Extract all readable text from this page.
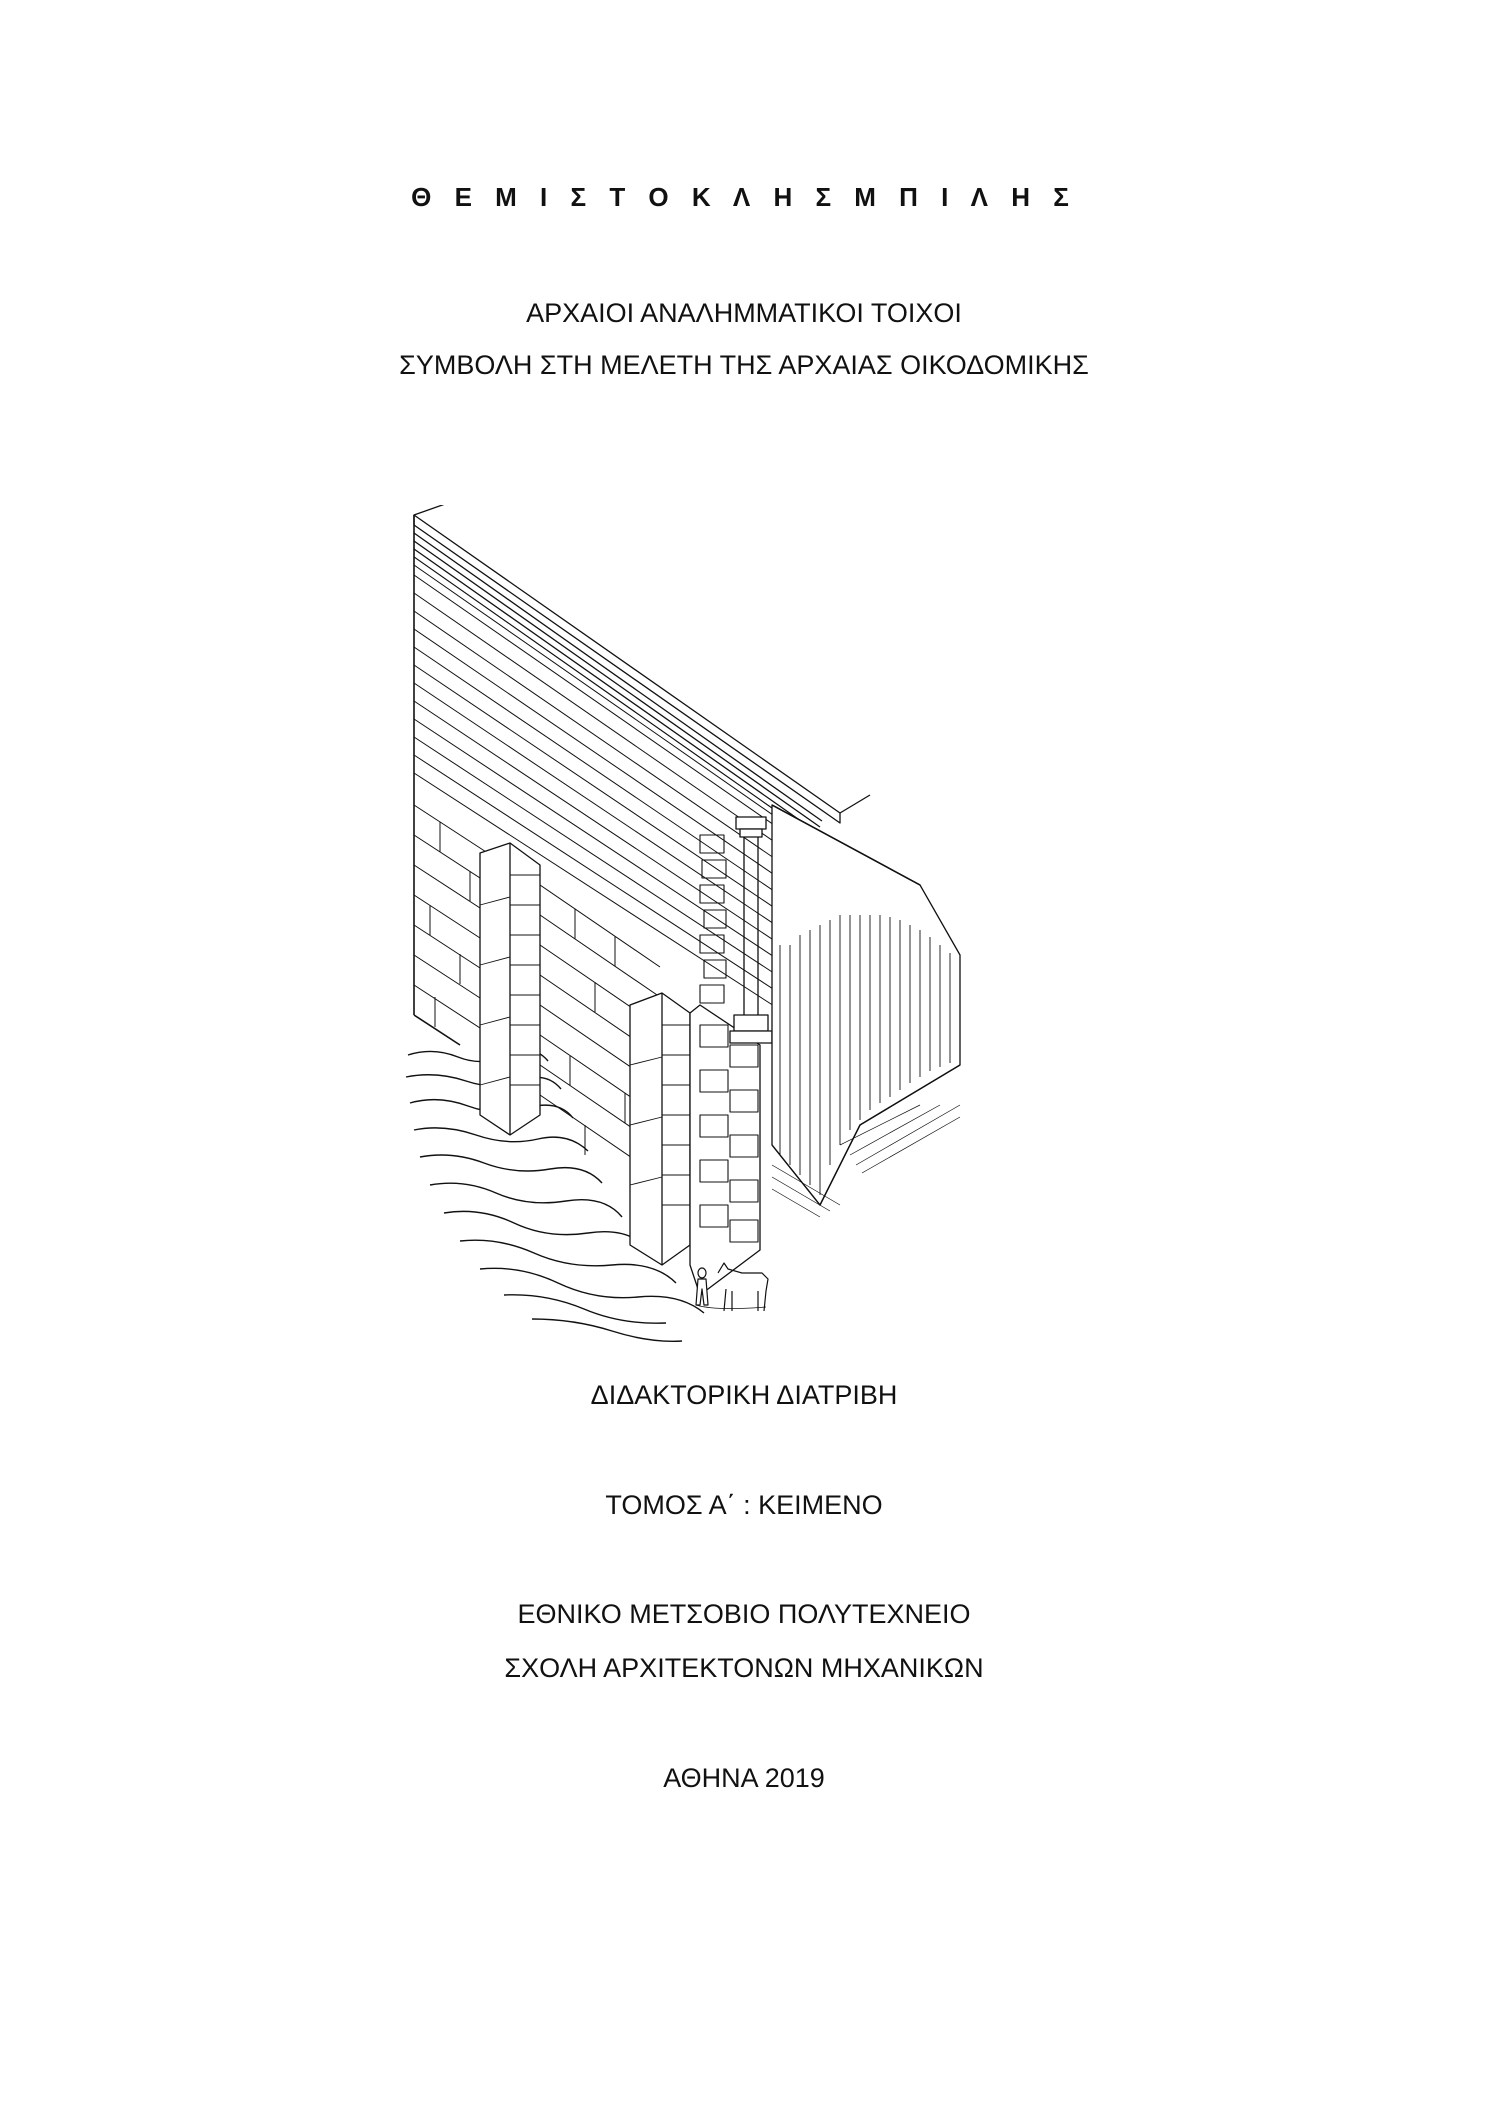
Θ Ε Μ Ι Σ Τ Ο Κ Λ Η Σ Μ Π Ι Λ Η Σ
ΑΡΧΑΙΟΙ ΑΝΑΛΗΜΜΑΤΙΚΟΙ ΤΟΙΧΟΙ
ΣΥΜΒΟΛΗ ΣΤΗ ΜΕΛΕΤΗ ΤΗΣ ΑΡΧΑΙΑΣ ΟΙΚΟΔΟΜΙΚΗΣ
ΔΙΔΑΚΤΟΡΙΚΗ ΔΙΑΤΡΙΒΗ
ΤΟΜΟΣ Α΄ : ΚΕΙΜΕΝΟ
ΕΘΝΙΚΟ ΜΕΤΣΟΒΙΟ ΠΟΛΥΤΕΧΝΕΙΟ
ΣΧΟΛΗ ΑΡΧΙΤΕΚΤΟΝΩΝ ΜΗΧΑΝΙΚΩΝ
ΑΘΗΝΑ 2019
